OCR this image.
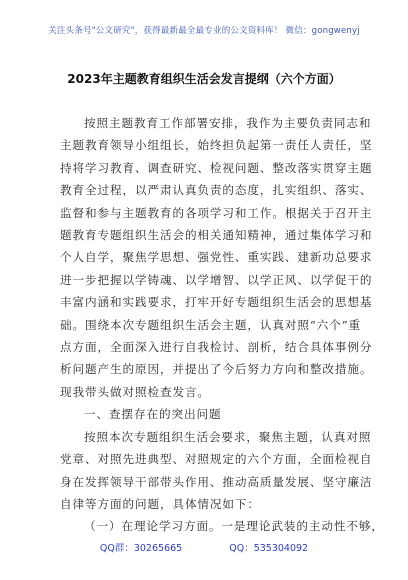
关注头条号"公文研究"，获得最新最全最专业的公文资料库！ 微信：gongwenyj
2023年主题教育组织生活会发言提纲（六个方面）
按照主题教育工作部署安排，我作为主要负责同志和
主题教育领导小组组长，始终担负起第一责任人责任，坚
持将学习教育、调查研究、检视问题、整改落实贯穿主题
教育全过程，以严肃认真负责的态度，扎实组织、落实、
监督和参与主题教育的各项学习和工作。根据关于召开主
题教育专题组织生活会的相关通知精神，通过集体学习和
个人自学，聚焦学思想、强党性、重实践、建新功总要求
进一步把握以学铸魂、以学增智、以学正风、以学促干的
丰富内涵和实践要求，打牢开好专题组织生活会的思想基
础。围绕本次专题组织生活会主题，认真对照“六个”重
点方面，全面深入进行自我检讨、剖析，结合具体事例分
析问题产生的原因，并提出了今后努力方向和整改措施。
现我带头做对照检查发言。
一、查摆存在的突出问题
按照本次专题组织生活会要求，聚焦主题，认真对照
党章、对照先进典型、对照规定的六个方面，全面检视自
身在发挥领导干部带头作用、推动高质量发展、坚守廉洁
自律等方面的问题，具体情况如下：
（一）在理论学习方面。一是理论武装的主动性不够，
QQ群：30265665	QQ：535304092
